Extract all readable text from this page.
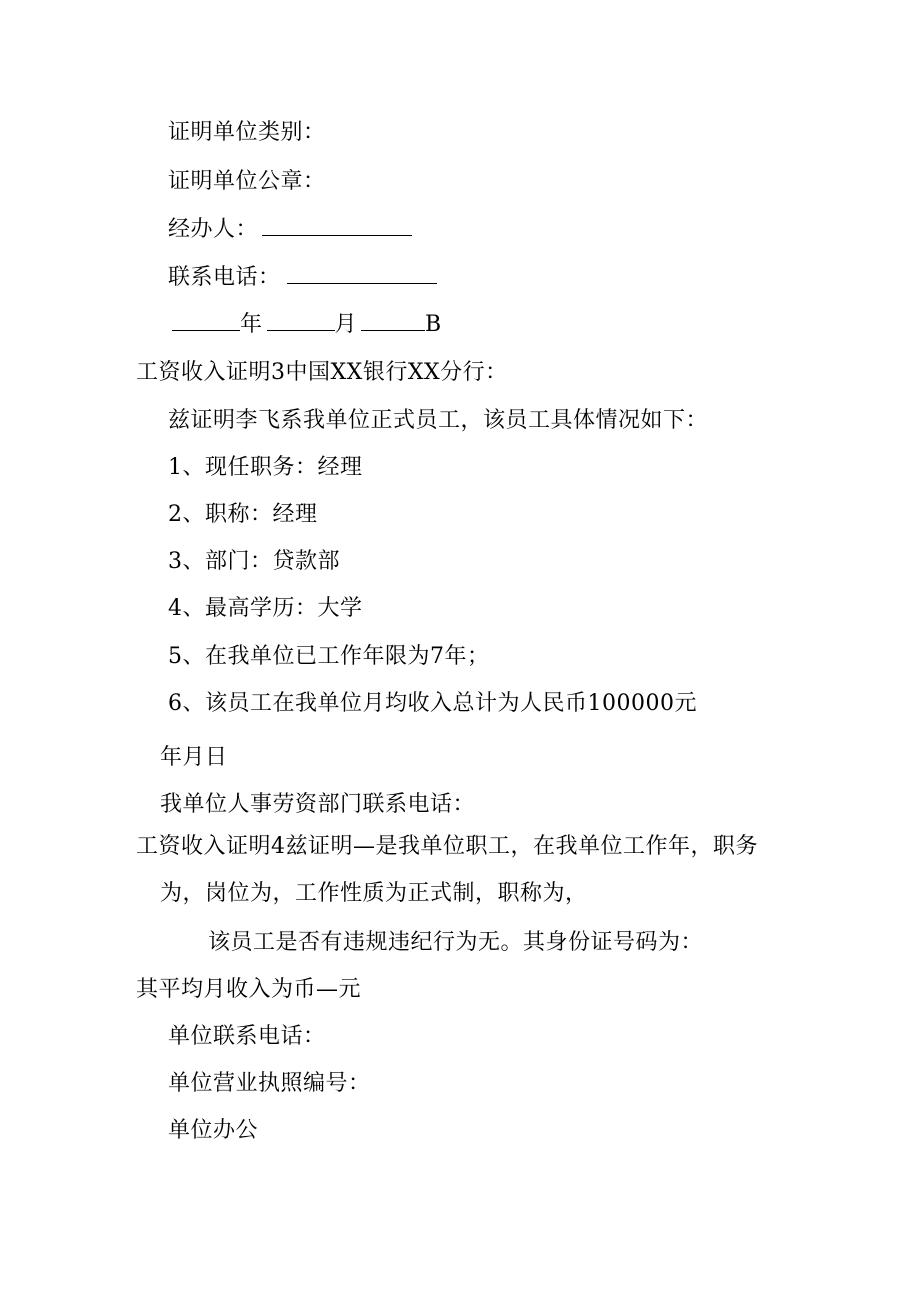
证明单位类别：
证明单位公章：
经办人：
联系电话：
年	月	B
工资收入证明3中国XX银行XX分行：
兹证明李飞系我单位正式员工，该员工具体情况如下：
1、现任职务：经理
2、职称：经理
3、部门：贷款部
4、最高学历：大学
5、在我单位已工作年限为7年；
6、该员工在我单位月均收入总计为人民币100000元
年月日
我单位人事劳资部门联系电话：
工资收入证明4兹证明—是我单位职工，在我单位工作年，职务
为，岗位为，工作性质为正式制，职称为，
该员工是否有违规违纪行为无。其身份证号码为：
其平均月收入为币—元
单位联系电话：
单位营业执照编号：
单位办公
